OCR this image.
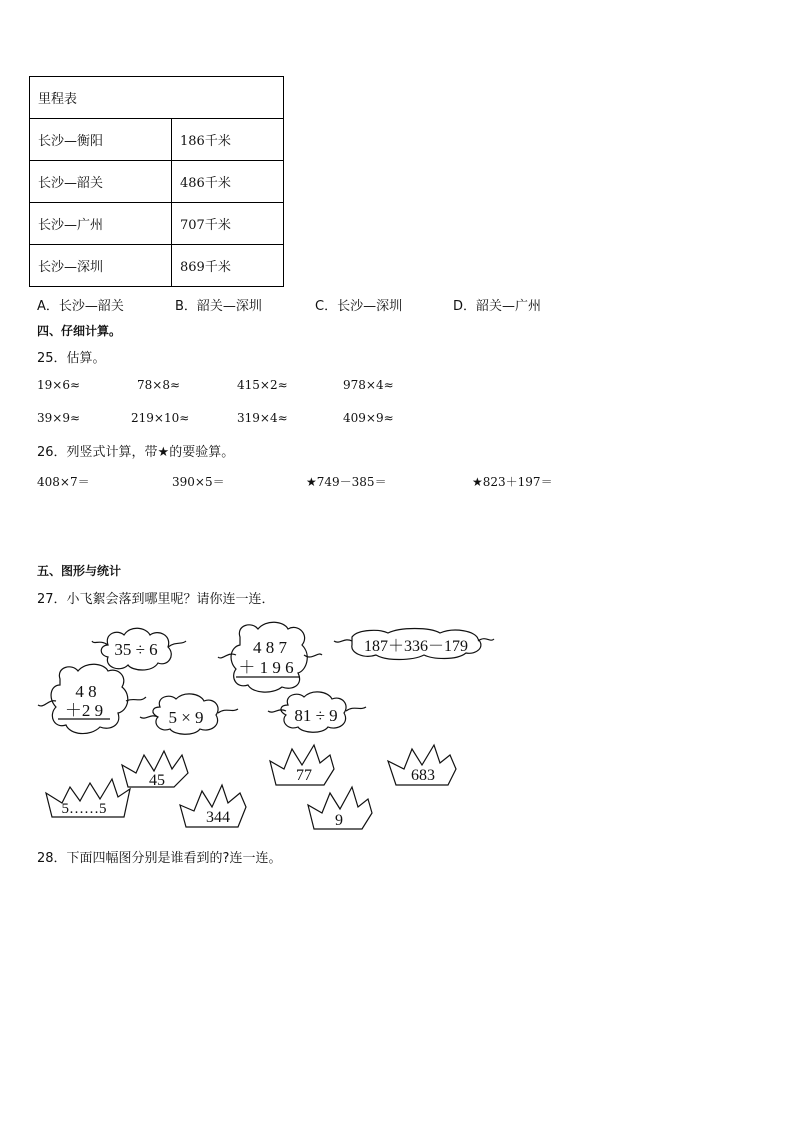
里程表	
长沙—衡阳	186千米
长沙—韶关	486千米
长沙—广州	707千米
长沙—深圳	869千米
A．长沙—韶关	B．韶关—深圳	C．长沙—深圳	D．韶关—广州
四、仔细计算。
25．估算。
19×6≈	78×8≈	415×2≈	978×4≈
39×9≈	219×10≈	319×4≈	409×9≈
26．列竖式计算，带★的要验算。
408×7＝	390×5＝	★749－385＝	★823＋197＝
五、图形与统计
27．小飞絮会落到哪里呢？请你连一连．
35 ÷ 6	4 8 7
＋ 1 9 6
187＋336－179
4 8
＋2 9	5 × 9	81 ÷ 9
5……5
45
344
77
9
683
28．下面四幅图分别是谁看到的?连一连。
